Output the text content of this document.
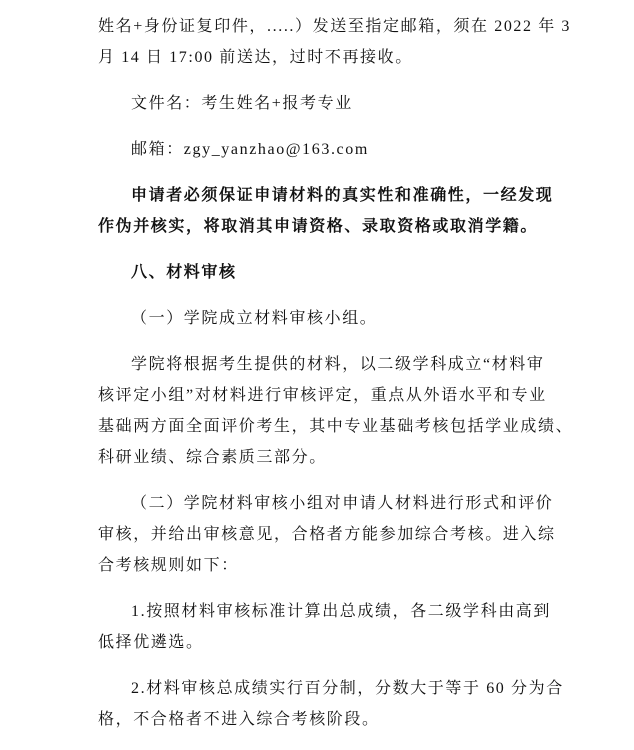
姓名+身份证复印件，.....）发送至指定邮箱，须在 2022 年 3
月 14 日 17:00 前送达，过时不再接收。

文件名：考生姓名+报考专业

邮箱：zgy_yanzhao@163.com

申请者必须保证申请材料的真实性和准确性，一经发现
作伪并核实，将取消其申请资格、录取资格或取消学籍。

八、材料审核

（一）学院成立材料审核小组。

学院将根据考生提供的材料，以二级学科成立“材料审
核评定小组”对材料进行审核评定，重点从外语水平和专业
基础两方面全面评价考生，其中专业基础考核包括学业成绩、
科研业绩、综合素质三部分。

（二）学院材料审核小组对申请人材料进行形式和评价
审核，并给出审核意见，合格者方能参加综合考核。进入综
合考核规则如下：

1.按照材料审核标准计算出总成绩，各二级学科由高到
低择优遴选。

2.材料审核总成绩实行百分制，分数大于等于 60 分为合
格，不合格者不进入综合考核阶段。
